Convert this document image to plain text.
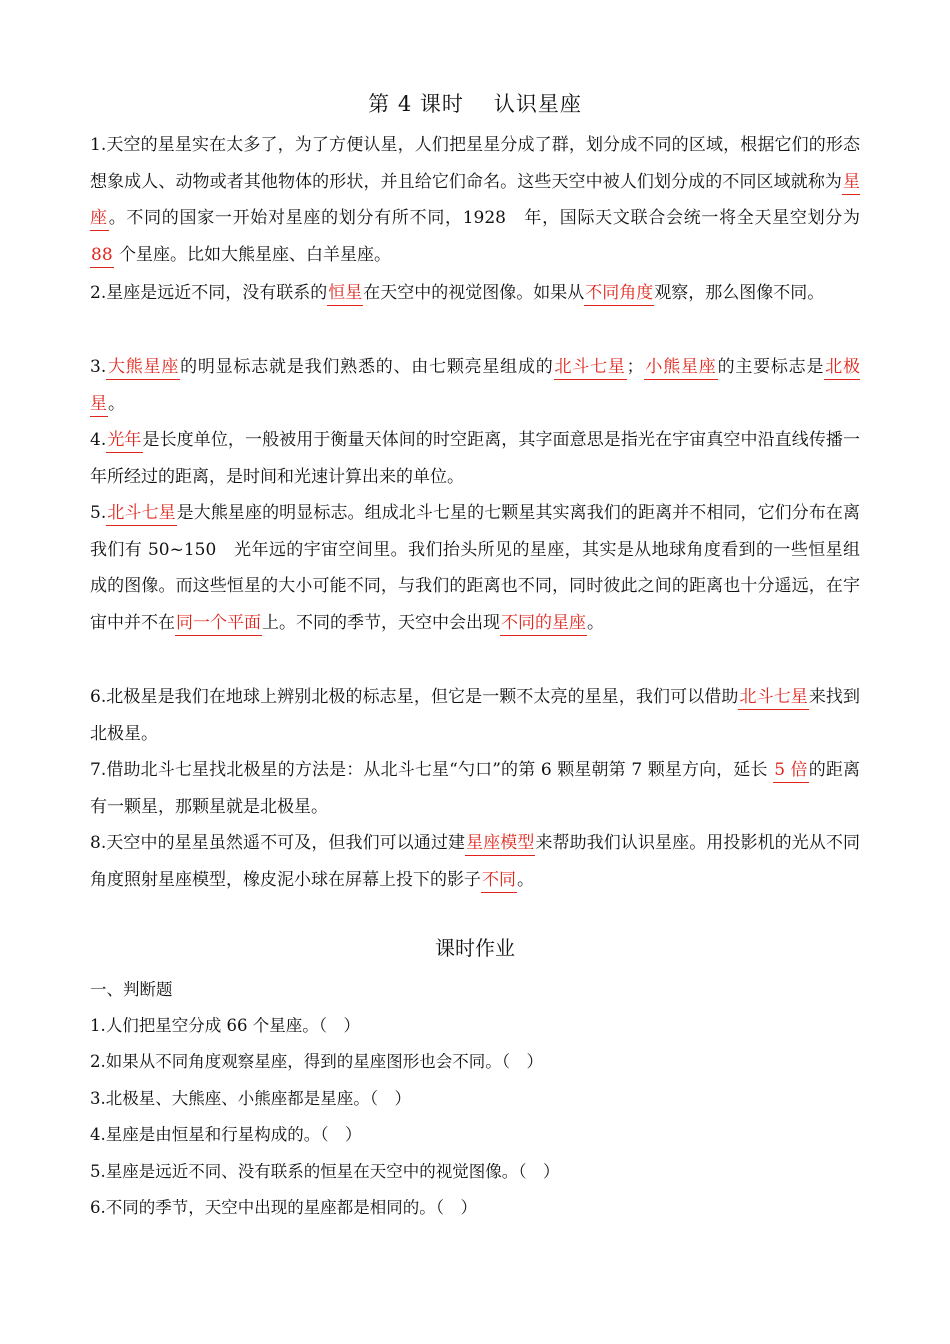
第 4 课时 认识星座
1.天空的星星实在太多了，为了方便认星，人们把星星分成了群，划分成不同的区域，根据它们的形态想象成人、动物或者其他物体的形状，并且给它们命名。这些天空中被人们划分成的不同区域就称为星座。不同的国家一开始对星座的划分有所不同，1928　年，国际天文联合会统一将全天星空划分为 88 个星座。比如大熊星座、白羊星座。
2.星座是远近不同，没有联系的恒星在天空中的视觉图像。如果从不同角度观察，那么图像不同。
3.大熊星座的明显标志就是我们熟悉的、由七颗亮星组成的北斗七星；小熊星座的主要标志是北极星。
4.光年是长度单位，一般被用于衡量天体间的时空距离，其字面意思是指光在宇宙真空中沿直线传播一年所经过的距离，是时间和光速计算出来的单位。
5.北斗七星是大熊星座的明显标志。组成北斗七星的七颗星其实离我们的距离并不相同，它们分布在离我们有 50~150　光年远的宇宙空间里。我们抬头所见的星座，其实是从地球角度看到的一些恒星组成的图像。而这些恒星的大小可能不同，与我们的距离也不同，同时彼此之间的距离也十分遥远，在宇宙中并不在同一个平面上。不同的季节，天空中会出现不同的星座。
6.北极星是我们在地球上辨别北极的标志星，但它是一颗不太亮的星星，我们可以借助北斗七星来找到北极星。
7.借助北斗七星找北极星的方法是：从北斗七星“勺口”的第 6 颗星朝第 7 颗星方向，延长 5 倍的距离有一颗星，那颗星就是北极星。
8.天空中的星星虽然遥不可及，但我们可以通过建星座模型来帮助我们认识星座。用投影机的光从不同角度照射星座模型，橡皮泥小球在屏幕上投下的影子不同。
课时作业
一、判断题
1.人们把星空分成 66 个星座。（　）
2.如果从不同角度观察星座，得到的星座图形也会不同。（　）
3.北极星、大熊座、小熊座都是星座。（　）
4.星座是由恒星和行星构成的。（　）
5.星座是远近不同、没有联系的恒星在天空中的视觉图像。（　）
6.不同的季节，天空中出现的星座都是相同的。（　）
